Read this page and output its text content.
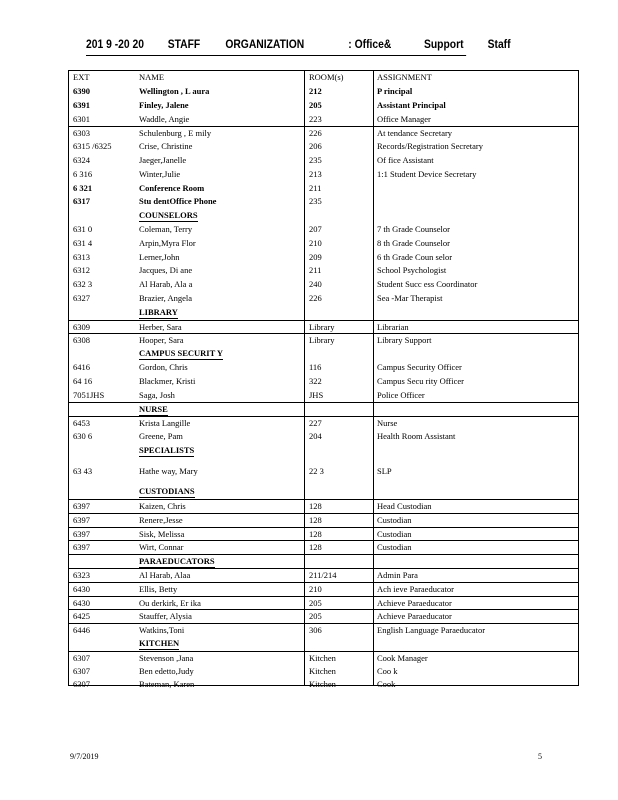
201 9 -20 20 STAFF ORGANIZATION	: Office&	Support Staff
EXT	NAME	ROOM(s)	ASSIGNMENT
6390	Wellington , L aura	212	P rincipal
6391	Finley, Jalene	205	Assistant Principal
6301	Waddle, Angie	223	Office Manager
6303	Schulenburg , E mily	226	At tendance Secretary
6315 /6325	Crise, Christine	206	Records/Registration Secretary
6324	Jaeger,Janelle	235	Of fice Assistant
6 316	Winter,Julie	213	1:1 Student Device Secretary
6 321	Conference Room	211
6317	Stu dentOffice Phone	235
COUNSELORS
631 0	Coleman, Terry	207	7 th Grade Counselor
631 4	Arpin,Myra Flor	210	8 th Grade Counselor
6313	Lerner,John	209	6 th Grade Coun selor
6312	Jacques, Di ane	211	School Psychologist
632 3	Al Harab, Ala a	240	Student Succ ess Coordinator
6327	Brazier, Angela	226	Sea -Mar Therapist
LIBRARY
6309	Herber, Sara	Library	Librarian
6308	Hooper, Sara	Library	Library Support
CAMPUS SECURIT Y
6416	Gordon, Chris	116	Campus Security Officer
64 16	Blackmer, Kristi	322	Campus Secu rity Officer
7051JHS	Saga, Josh	JHS	Police Officer
NURSE
6453	Krista Langille	227	Nurse
630 6	Greene, Pam	204	Health Room Assistant
SPECIALISTS
63 43	Hathe way, Mary	22 3	SLP
CUSTODIANS
6397	Kaizen, Chris	128	Head Custodian
6397	Renere,Jesse	128	Custodian
6397	Sisk, Melissa	128	Custodian
6397	Wirt, Connar	128	Custodian
PARAEDUCATORS
6323	Al Harab, Alaa	211/214	Admin Para
6430	Ellis, Betty	210	Ach ieve Paraeducator
6430	Ou derkirk, Er ika	205	Achieve Paraeducator
6425	Stauffer, Alysia	205	Achieve Paraeducator
6446	Watkins,Toni	306	English Language Paraeducator
KITCHEN
6307	Stevenson ,Jana	Kitchen	Cook Manager
6307	Ben edetto,Judy	Kitchen	Coo k
6307	Bateman, Karen	Kitchen	Cook
9/7/2019	5
